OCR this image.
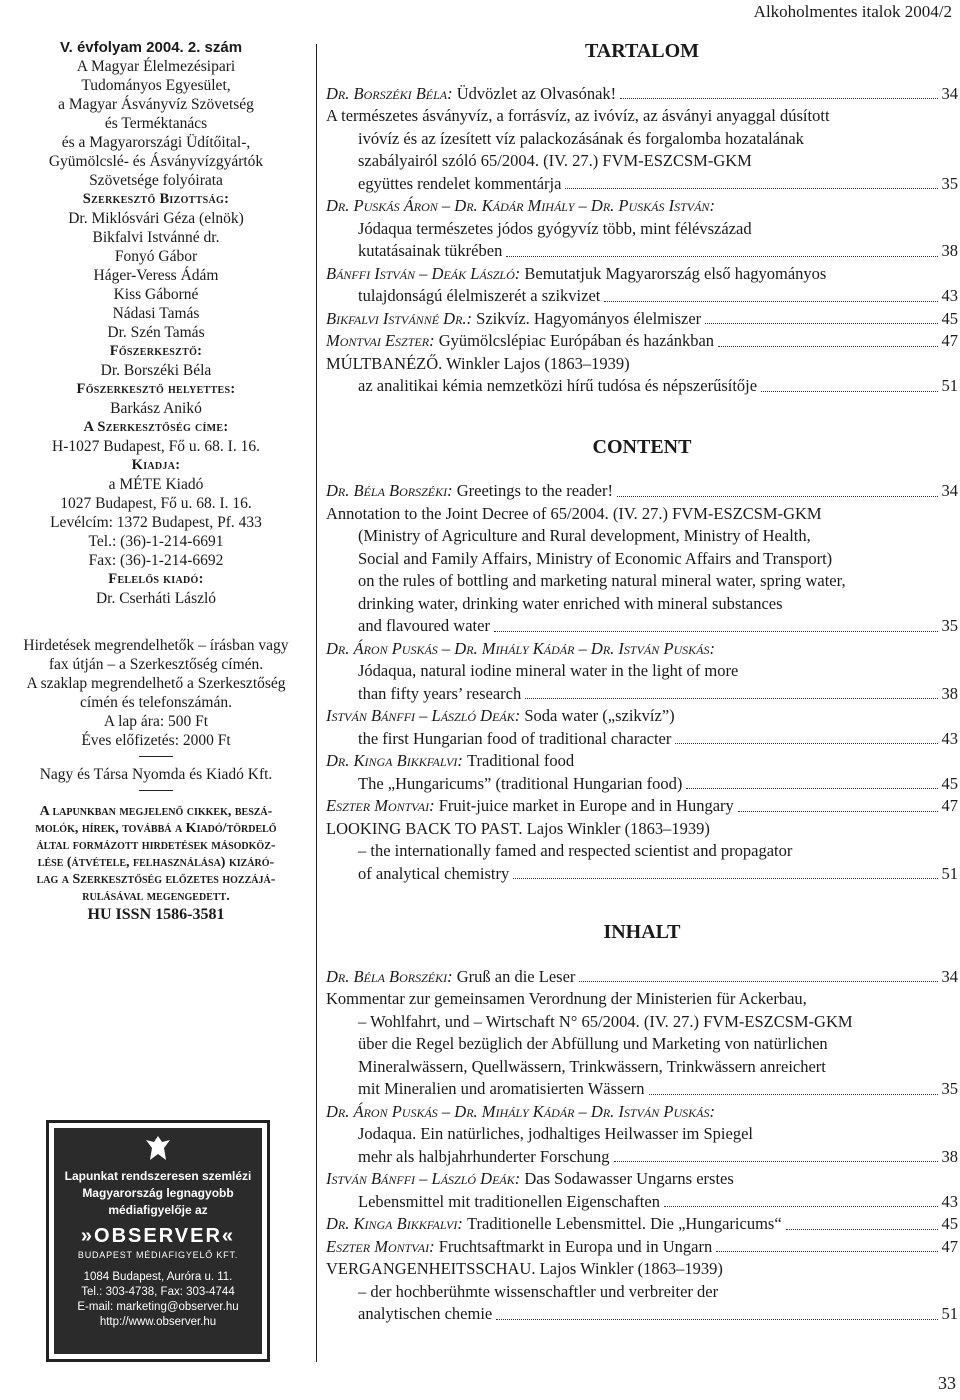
Alkoholmentes italok 2004/2

V. évfolyam 2004. 2. szám

A Magyar Élelmezésipari

Tudományos Egyesület,

a Magyar Ásványvíz Szövetség

és Terméktanács

és a Magyarországi Üdítőital-,

Gyümölcslé- és Ásványvízgyártók

Szövetsége folyóirata

Szerkesztő Bizottság:

Dr. Miklósvári Géza (elnök)

Bikfalvi Istvánné dr.

Fonyó Gábor

Háger-Veress Ádám

Kiss Gáborné

Nádasi Tamás

Dr. Szén Tamás

Főszerkesztő:

Dr. Borszéki Béla

Főszerkesztő helyettes:

Barkász Anikó

A Szerkesztőség címe:

H-1027 Budapest, Fő u. 68. I. 16.

Kiadja:

a MÉTE Kiadó

1027 Budapest, Fő u. 68. I. 16.

Levélcím: 1372 Budapest, Pf. 433

Tel.: (36)-1-214-6691

Fax: (36)-1-214-6692

Felelős kiadó:

Dr. Cserháti László

Hirdetések megrendelhetők – írásban vagy

fax útján – a Szerkesztőség címén.

A szaklap megrendelhető a Szerkesztőség

címén és telefonszámán.

A lap ára: 500 Ft

Éves előfizetés: 2000 Ft

Nagy és Társa Nyomda és Kiadó Kft.

A lapunkban megjelenő cikkek, beszá-

molók, hírek, továbbá a Kiadó/tördelő

által formázott hirdetések másodköz-

lése (átvétele, felhasználása) kizáró-

lag a Szerkesztőség előzetes hozzájá-

rulásával megengedett.

HU ISSN 1586-3581

Lapunkat rendszeresen szemlézi
Magyarország legnagyobb
médiafigyelője az
»OBSERVER«
BUDAPEST MÉDIAFIGYELŐ KFT.
1084 Budapest, Auróra u. 11.
Tel.: 303-4738, Fax: 303-4744
E-mail: marketing@observer.hu
http://www.observer.hu
TARTALOM
Dr. Borszéki Béla:
Üdvözlet az Olvasónak!	34
A természetes ásványvíz, a forrásvíz, az ivóvíz, az ásványi anyaggal dúsított
ivóvíz és az ízesített víz palackozásának és forgalomba hozatalának
szabályairól szóló 65/2004. (IV. 27.) FVM-ESZCSM-GKM
együttes rendelet kommentárja	35
Dr. Puskás Áron – Dr. Kádár Mihály – Dr. Puskás István:
Jódaqua természetes jódos gyógyvíz több, mint félévszázad
kutatásainak tükrében	38
Bánffi István – Deák László:
Bemutatjuk Magyarország első hagyományos
tulajdonságú élelmiszerét a szikvizet	43
Bikfalvi Istvánné Dr.:
Szikvíz. Hagyományos élelmiszer	45
Montvai Eszter:
Gyümölcslépiac Európában és hazánkban	47
MÚLTBANÉZŐ. Winkler Lajos (1863–1939)
az analitikai kémia nemzetközi hírű tudósa és népszerűsítője	51
CONTENT
Dr. Béla Borszéki:
Greetings to the reader!	34
Annotation to the Joint Decree of 65/2004. (IV. 27.) FVM-ESZCSM-GKM
(Ministry of Agriculture and Rural development, Ministry of Health,
Social and Family Affairs, Ministry of Economic Affairs and Transport)
on the rules of bottling and marketing natural mineral water, spring water,
drinking water, drinking water enriched with mineral substances
and flavoured water	35
Dr. Áron Puskás – Dr. Mihály Kádár – Dr. István Puskás:
Jódaqua, natural iodine mineral water in the light of more
than fifty years’ research	38
István Bánffi – László Deák:
Soda water („szikvíz”)
the first Hungarian food of traditional character	43
Dr. Kinga Bikkfalvi:
Traditional food
The „Hungaricums” (traditional Hungarian food)	45
Eszter Montvai:
Fruit-juice market in Europe and in Hungary	47
LOOKING BACK TO PAST. Lajos Winkler (1863–1939)
– the internationally famed and respected scientist and propagator
of analytical chemistry	51
INHALT
Dr. Béla Borszéki:
Gruß an die Leser	34
Kommentar zur gemeinsamen Verordnung der Ministerien für Ackerbau,
– Wohlfahrt, und – Wirtschaft N° 65/2004. (IV. 27.) FVM-ESZCSM-GKM
über die Regel bezüglich der Abfüllung und Marketing von natürlichen
Mineralwässern, Quellwässern, Trinkwässern, Trinkwässern anreichert
mit Mineralien und aromatisierten Wässern	35
Dr. Áron Puskás – Dr. Mihály Kádár – Dr. István Puskás:
Jodaqua. Ein natürliches, jodhaltiges Heilwasser im Spiegel
mehr als halbjahrhunderter Forschung	38
István Bánffi – László Deák:
Das Sodawasser Ungarns erstes
Lebensmittel mit traditionellen Eigenschaften	43
Dr. Kinga Bikkfalvi:
Traditionelle Lebensmittel. Die „Hungaricums“	45
Eszter Montvai:
Fruchtsaftmarkt in Europa und in Ungarn	47
VERGANGENHEITSSCHAU. Lajos Winkler (1863–1939)
– der hochberühmte wissenschaftler und verbreiter der
analytischen chemie	51
33
